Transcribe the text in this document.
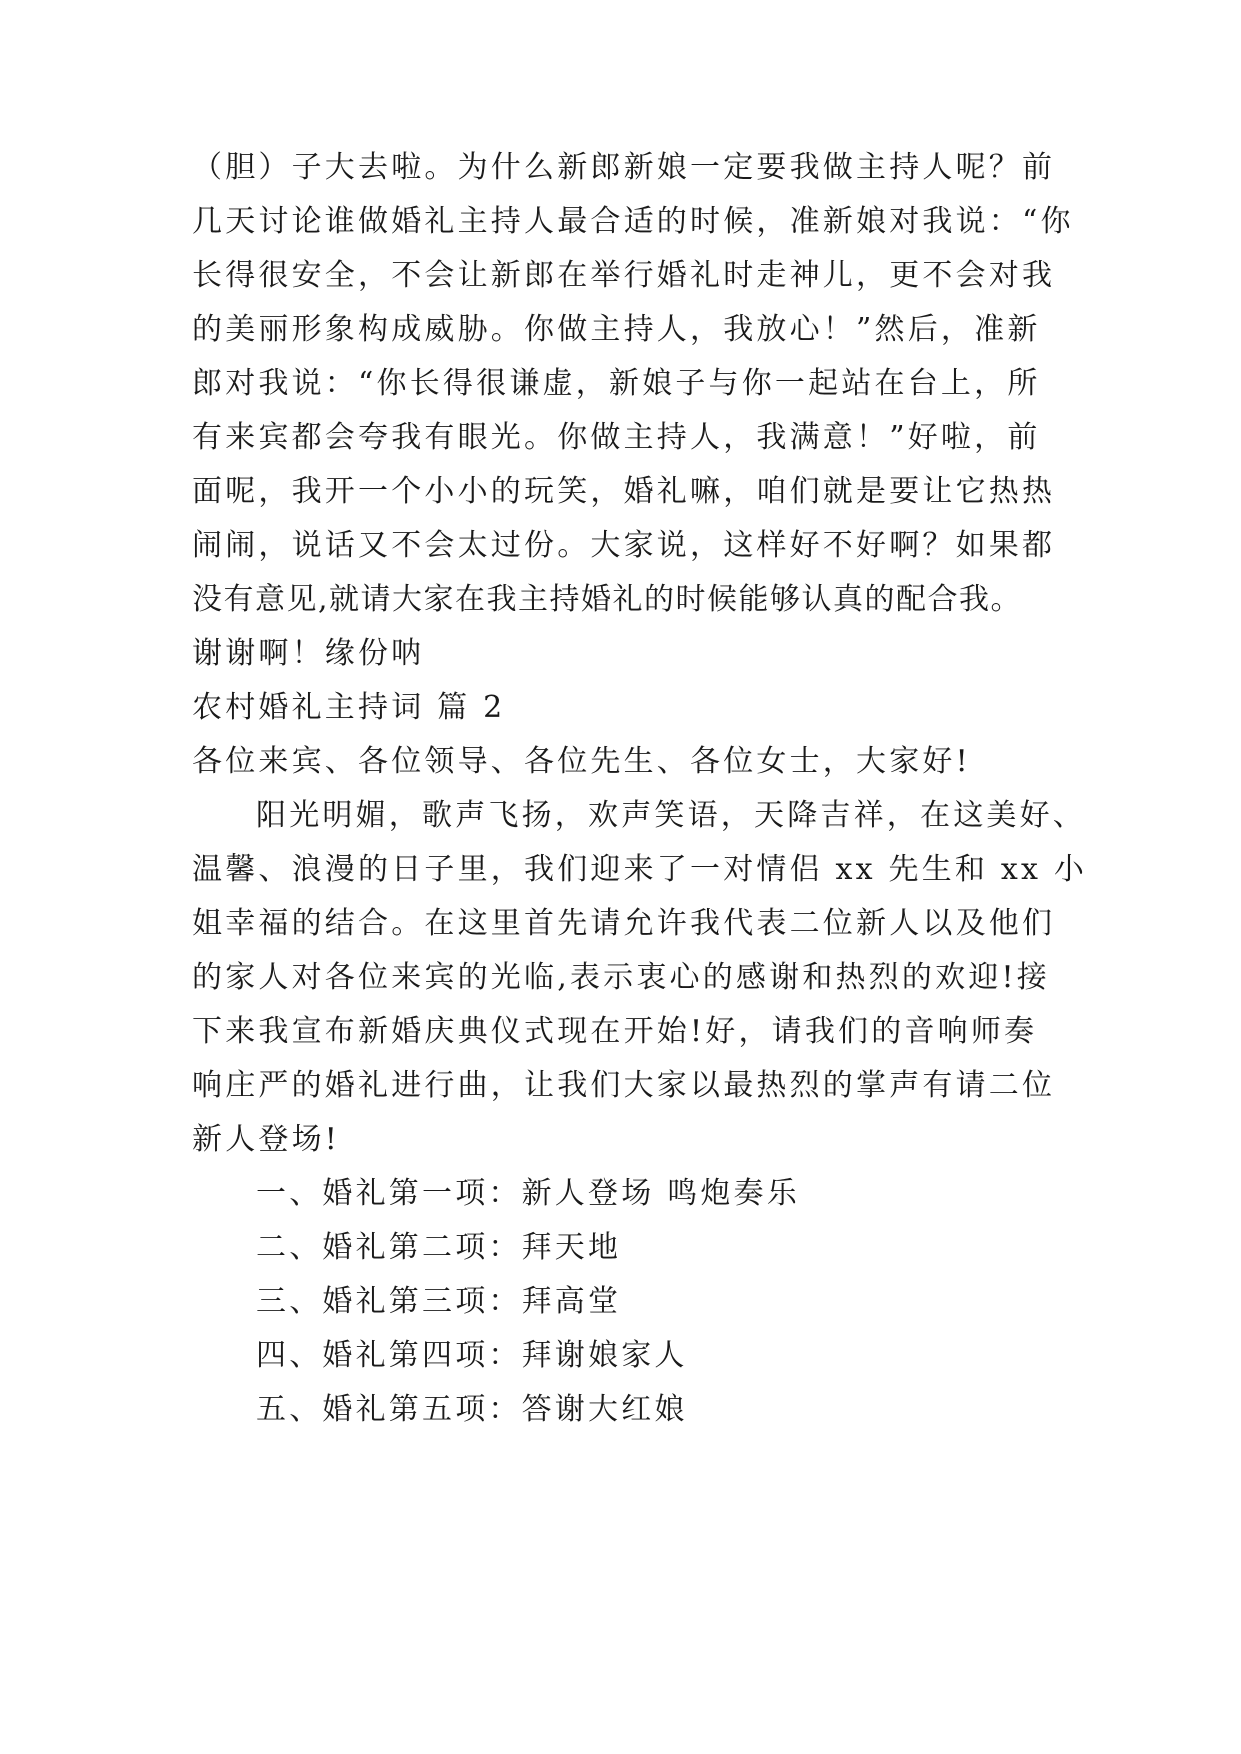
（胆）子大去啦。为什么新郎新娘一定要我做主持人呢？前
几天讨论谁做婚礼主持人最合适的时候，准新娘对我说：“你
长得很安全，不会让新郎在举行婚礼时走神儿，更不会对我
的美丽形象构成威胁。你做主持人，我放心！”然后，准新
郎对我说：“你长得很谦虚，新娘子与你一起站在台上，所
有来宾都会夸我有眼光。你做主持人，我满意！”好啦，前
面呢，我开一个小小的玩笑，婚礼嘛，咱们就是要让它热热
闹闹，说话又不会太过份。大家说，这样好不好啊？如果都
没有意见,就请大家在我主持婚礼的时候能够认真的配合我。
谢谢啊！缘份呐
农村婚礼主持词 篇 2
各位来宾、各位领导、各位先生、各位女士，大家好!
阳光明媚，歌声飞扬，欢声笑语，天降吉祥，在这美好、
温馨、浪漫的日子里，我们迎来了一对情侣 xx 先生和 xx 小
姐幸福的结合。在这里首先请允许我代表二位新人以及他们
的家人对各位来宾的光临,表示衷心的感谢和热烈的欢迎!接
下来我宣布新婚庆典仪式现在开始!好，请我们的音响师奏
响庄严的婚礼进行曲，让我们大家以最热烈的掌声有请二位
新人登场!
一、婚礼第一项：新人登场 鸣炮奏乐
二、婚礼第二项：拜天地
三、婚礼第三项：拜高堂
四、婚礼第四项：拜谢娘家人
五、婚礼第五项：答谢大红娘
